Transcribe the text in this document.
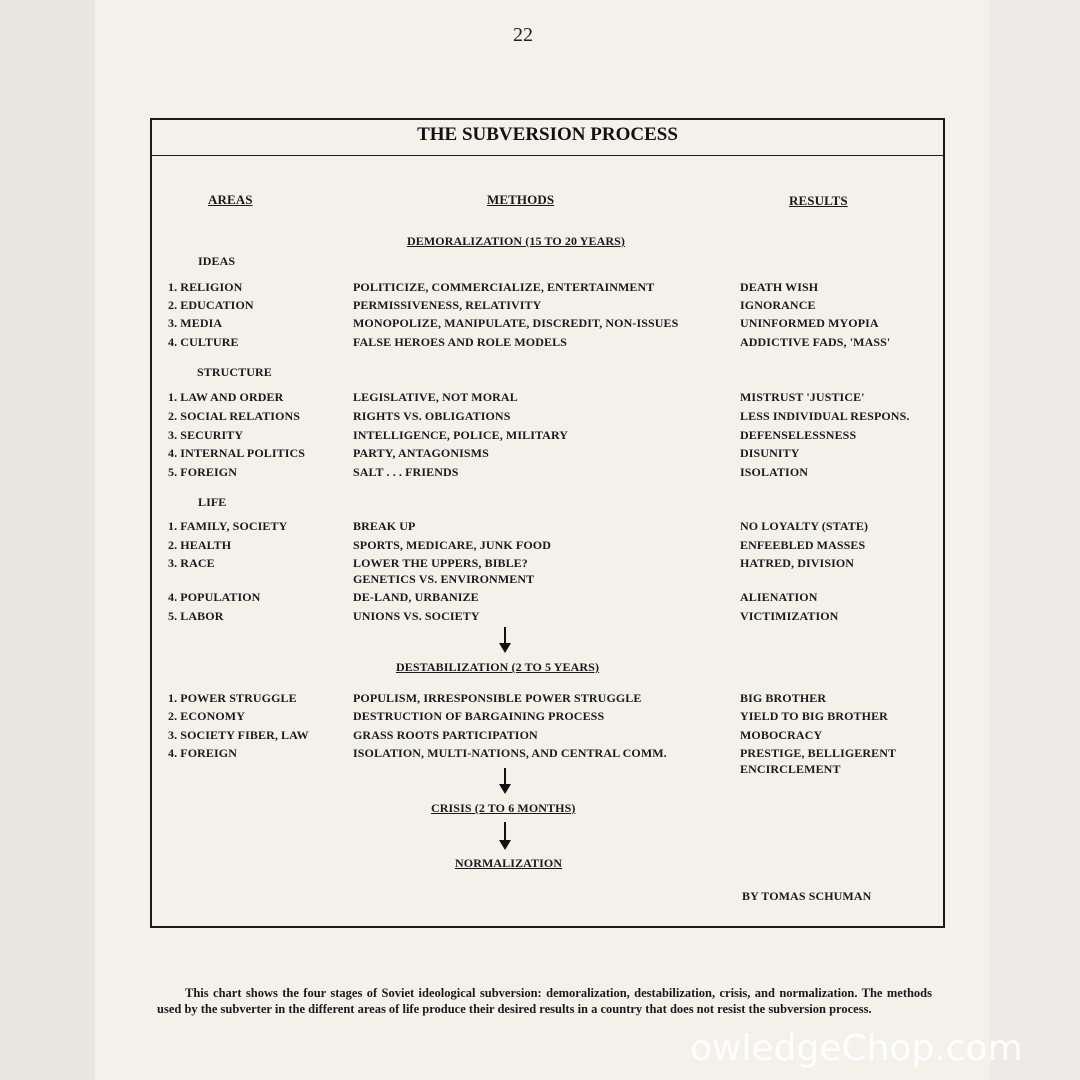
22
THE SUBVERSION PROCESS
AREAS	METHODS	RESULTS
DEMORALIZATION (15 TO 20 YEARS)
IDEAS
STRUCTURE
LIFE
1. RELIGION	POLITICIZE, COMMERCIALIZE, ENTERTAINMENT	DEATH WISH
2. EDUCATION	PERMISSIVENESS, RELATIVITY	IGNORANCE
3. MEDIA	MONOPOLIZE, MANIPULATE, DISCREDIT, NON-ISSUES	UNINFORMED MYOPIA
4. CULTURE	FALSE HEROES AND ROLE MODELS	ADDICTIVE FADS, 'MASS'
1. LAW AND ORDER	LEGISLATIVE, NOT MORAL	MISTRUST 'JUSTICE'
2. SOCIAL RELATIONS	RIGHTS VS. OBLIGATIONS	LESS INDIVIDUAL RESPONS.
3. SECURITY	INTELLIGENCE, POLICE, MILITARY	DEFENSELESSNESS
4. INTERNAL POLITICS	PARTY, ANTAGONISMS	DISUNITY
5. FOREIGN	SALT . . . FRIENDS	ISOLATION
1. FAMILY, SOCIETY	BREAK UP	NO LOYALTY (STATE)
2. HEALTH	SPORTS, MEDICARE, JUNK FOOD	ENFEEBLED MASSES
3. RACE	LOWER THE UPPERS, BIBLE?	HATRED, DIVISION
GENETICS VS. ENVIRONMENT
4. POPULATION	DE-LAND, URBANIZE	ALIENATION
5. LABOR	UNIONS VS. SOCIETY	VICTIMIZATION
1. POWER STRUGGLE	POPULISM, IRRESPONSIBLE POWER STRUGGLE	BIG BROTHER
2. ECONOMY	DESTRUCTION OF BARGAINING PROCESS	YIELD TO BIG BROTHER
3. SOCIETY FIBER, LAW	GRASS ROOTS PARTICIPATION	MOBOCRACY
4. FOREIGN	ISOLATION, MULTI-NATIONS, AND CENTRAL COMM.	PRESTIGE, BELLIGERENT
ENCIRCLEMENT
DESTABILIZATION (2 TO 5 YEARS)
CRISIS (2 TO 6 MONTHS)
NORMALIZATION
BY TOMAS SCHUMAN

This chart shows the four stages of Soviet ideological subversion: demoralization, destabilization, crisis, and normalization. The methods used by the subverter in the different areas of life produce their desired results in a country that does not resist the subversion process.

owledgeChop.com
